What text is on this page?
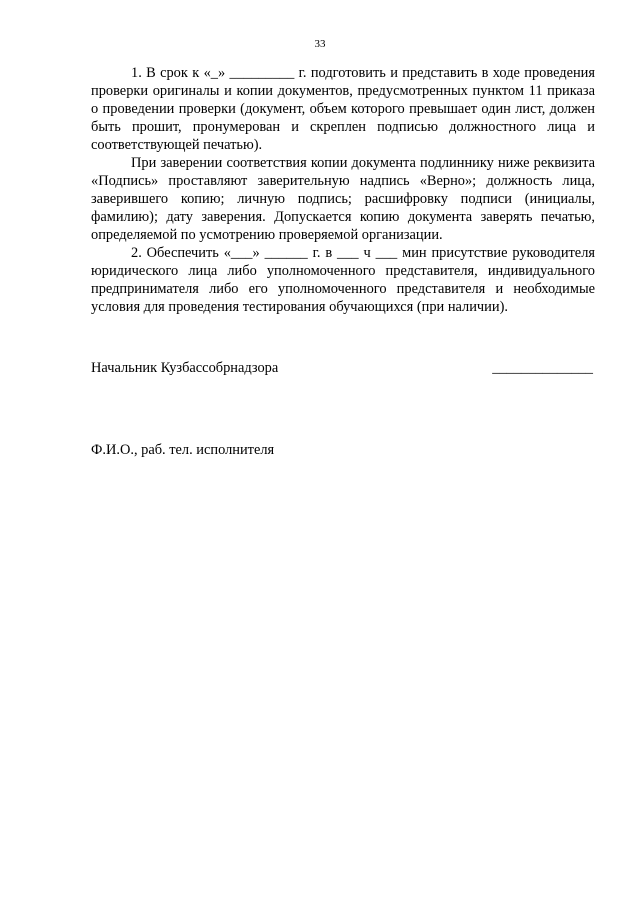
33

1. В срок к «_» _________ г. подготовить и представить в ходе проведения проверки оригиналы и копии документов, предусмотренных пунктом 11 приказа о проведении проверки (документ, объем которого превышает один лист, должен быть прошит, пронумерован и скреплен подписью должностного лица и соответствующей печатью).

При заверении соответствия копии документа подлиннику ниже реквизита «Подпись» проставляют заверительную надпись «Верно»; должность лица, заверившего копию; личную подпись; расшифровку подписи (инициалы, фамилию); дату заверения. Допускается копию документа заверять печатью, определяемой по усмотрению проверяемой организации.

2. Обеспечить «___» ______ г. в ___ ч ___ мин присутствие руководителя юридического лица либо уполномоченного представителя, индивидуального предпринимателя либо его уполномоченного представителя и необходимые условия для проведения тестирования обучающихся (при наличии).

Начальник Кузбассобрнадзора	______________
Ф.И.О., раб. тел. исполнителя
